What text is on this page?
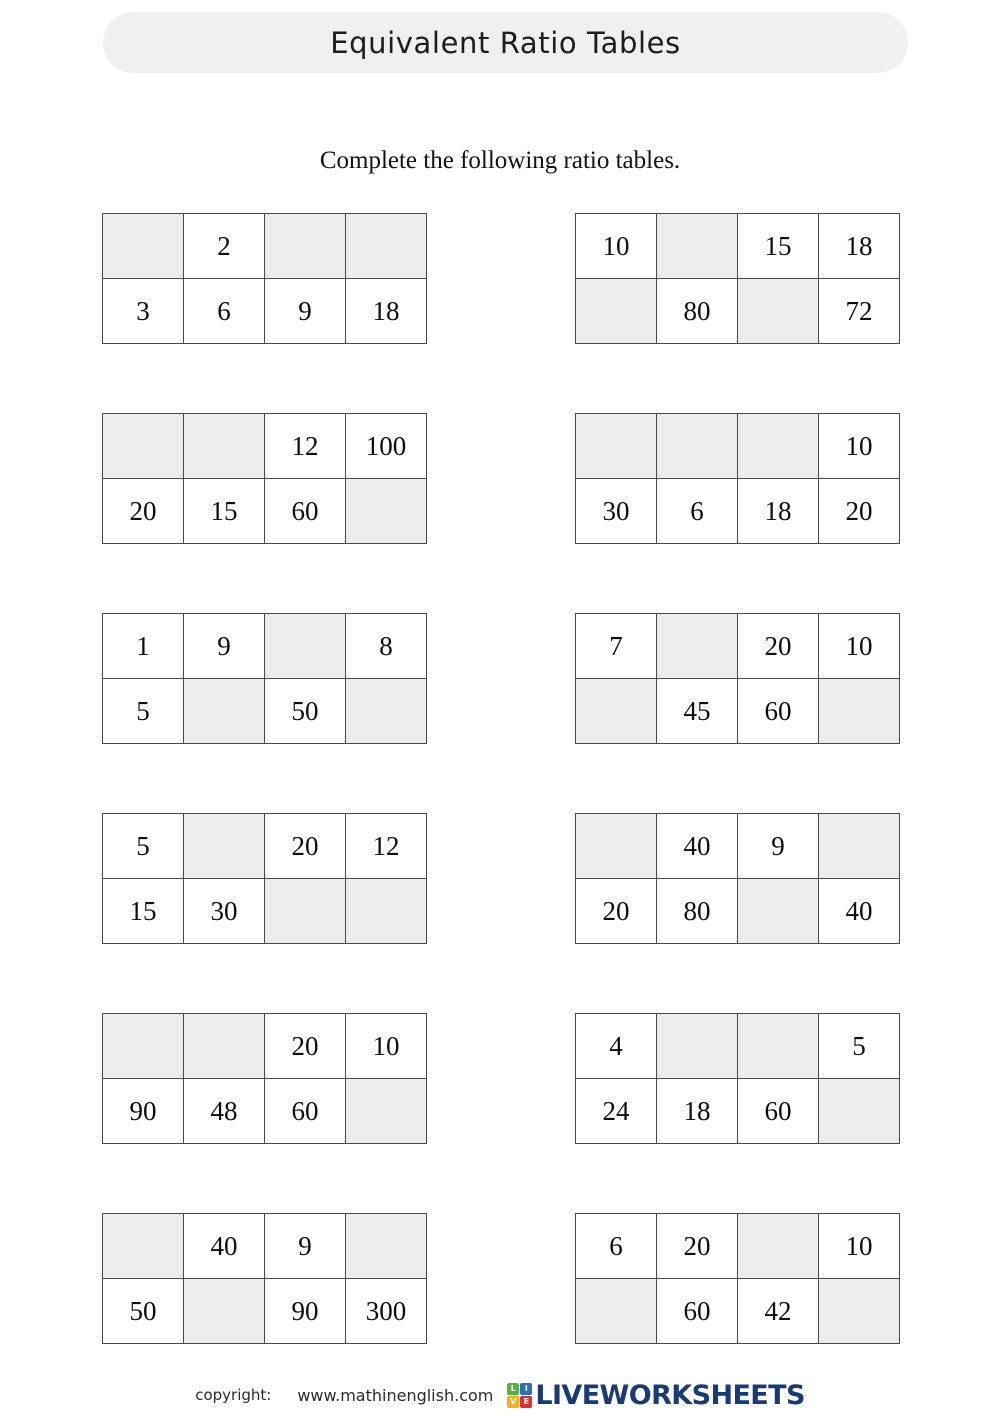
Equivalent Ratio Tables
Complete the following ratio tables.
	2		
3	6	9	18
10		15	18
	80		72
		12	100
20	15	60	
			10
30	6	18	20
1	9		8
5		50	
7		20	10
	45	60	
5		20	12
15	30		
	40	9	
20	80		40
		20	10
90	48	60	
4			5
24	18	60	
	40	9	
50		90	300
6	20		10
	60	42	
copyright: www.mathinenglish.com	L	I
V E LIVEWORKSHEETS
